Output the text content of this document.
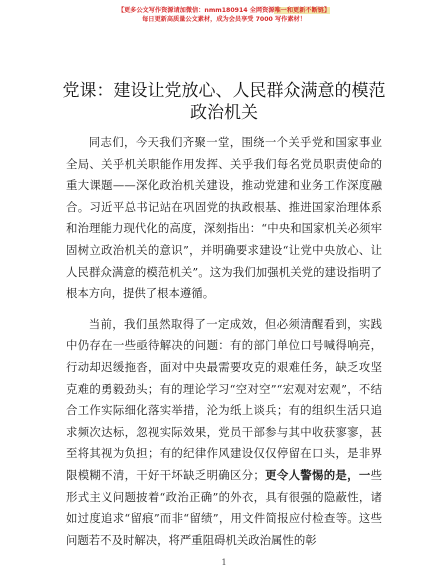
【更多公文写作资源请加微信：nmm180914 全网资源唯一和更新不断链】
每日更新高质量公文素材，成为会员享受 7000 写作素材！
党课：建设让党放心、人民群众满意的模范政治机关

同志们，今天我们齐聚一堂，围绕一个关乎党和国家事业全局、关乎机关职能作用发挥、关乎我们每名党员职责使命的重大课题——深化政治机关建设，推动党建和业务工作深度融合。习近平总书记站在巩固党的执政根基、推进国家治理体系和治理能力现代化的高度，深刻指出：“中央和国家机关必须牢固树立政治机关的意识”，并明确要求建设“让党中央放心、让人民群众满意的模范机关”。这为我们加强机关党的建设指明了根本方向，提供了根本遵循。

当前，我们虽然取得了一定成效，但必须清醒看到，实践中仍存在一些亟待解决的问题：有的部门单位口号喊得响亮，行动却迟缓拖沓，面对中央最需要攻克的艰难任务，缺乏攻坚克难的勇毅劲头；有的理论学习“空对空”“宏观对宏观”，不结合工作实际细化落实举措，沦为纸上谈兵；有的组织生活只追求频次达标，忽视实际效果，党员干部参与其中收获寥寥，甚至将其视为负担；有的纪律作风建设仅仅停留在口头，是非界限模糊不清，干好干坏缺乏明确区分；更令人警惕的是，一些形式主义问题披着“政治正确”的外衣，具有很强的隐蔽性，诸如过度追求“留痕”而非“留绩”，用文件简报应付检查等。这些问题若不及时解决，将严重阻碍机关政治属性的彰

1
